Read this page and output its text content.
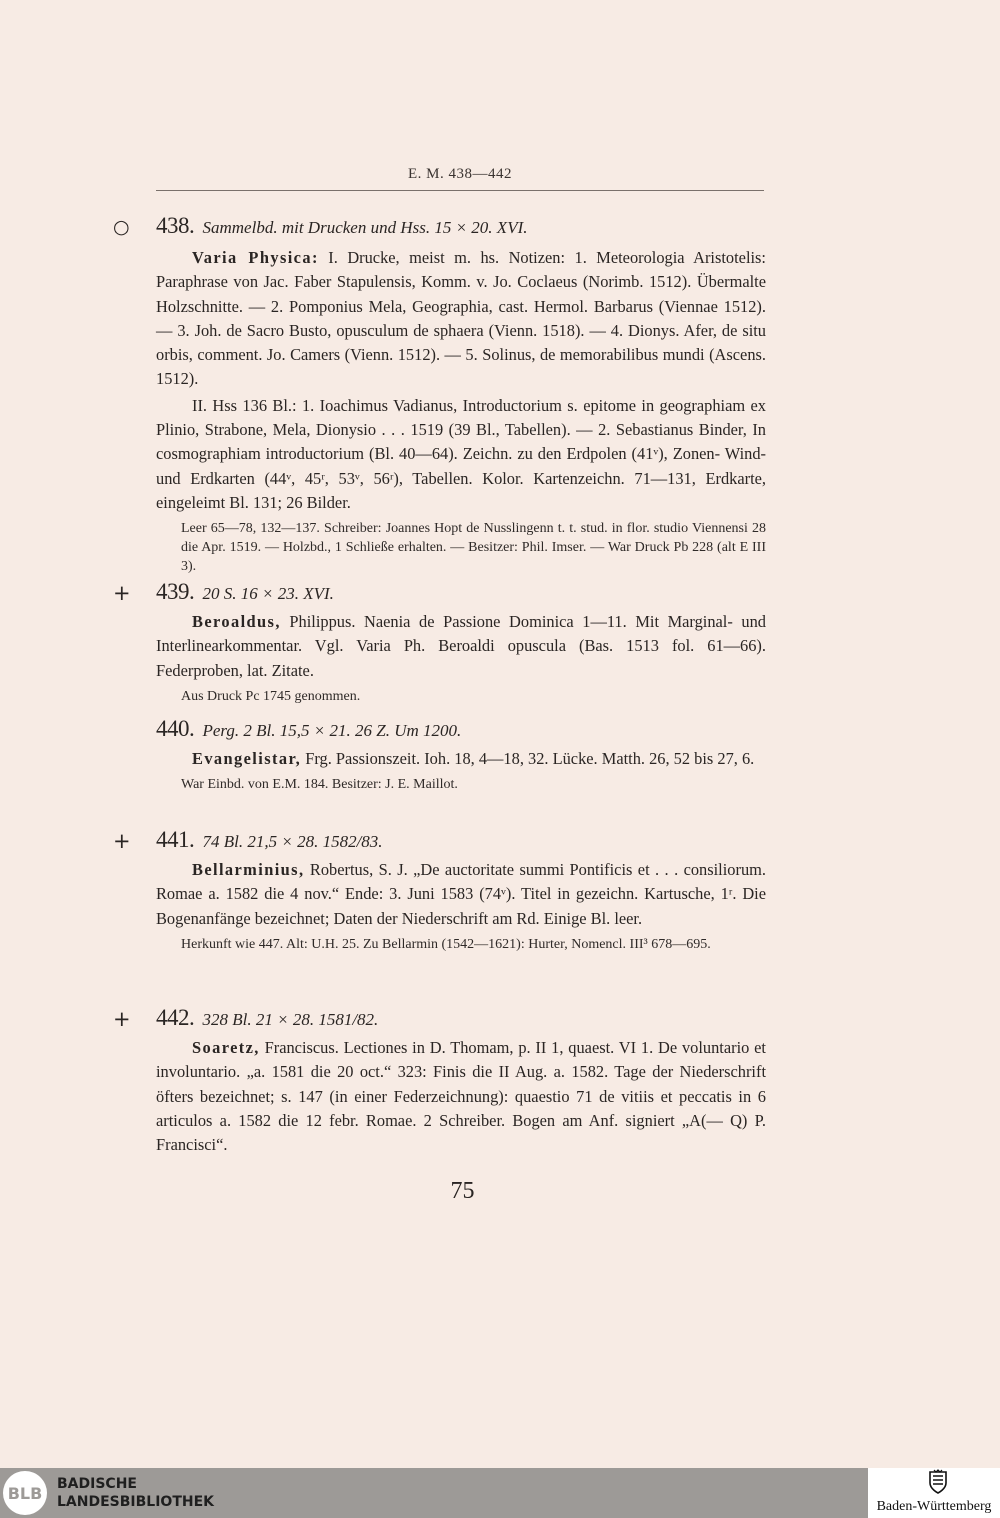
E. M. 438—442
○ 438. Sammelbd. mit Drucken und Hss. 15 × 20. XVI.
Varia Physica: I. Drucke, meist m. hs. Notizen: 1. Meteorologia Aristotelis: Paraphrase von Jac. Faber Stapulensis, Komm. v. Jo. Coclaeus (Norimb. 1512). Übermalte Holzschnitte. — 2. Pomponius Mela, Geographia, cast. Hermol. Barbarus (Viennae 1512). — 3. Joh. de Sacro Busto, opusculum de sphaera (Vienn. 1518). — 4. Dionys. Afer, de situ orbis, comment. Jo. Camers (Vienn. 1512). — 5. Solinus, de memorabilibus mundi (Ascens. 1512).
II. Hss 136 Bl.: 1. Ioachimus Vadianus, Introductorium s. epitome in geographiam ex Plinio, Strabone, Mela, Dionysio . . . 1519 (39 Bl., Tabellen). — 2. Sebastianus Binder, In cosmographiam introductorium (Bl. 40—64). Zeichn. zu den Erdpolen (41ᵛ), Zonen- Wind- und Erdkarten (44ᵛ, 45ʳ, 53ᵛ, 56ʳ), Tabellen. Kolor. Kartenzeichn. 71—131, Erdkarte, eingeleimt Bl. 131; 26 Bilder.
Leer 65—78, 132—137. Schreiber: Joannes Hopt de Nusslingenn t. t. stud. in flor. studio Viennensi 28 die Apr. 1519. — Holzbd., 1 Schließe erhalten. — Besitzer: Phil. Imser. — War Druck Pb 228 (alt E III 3).
+ 439. 20 S. 16 × 23. XVI.
Beroaldus, Philippus. Naenia de Passione Dominica 1—11. Mit Marginal- und Interlinearkommentar. Vgl. Varia Ph. Beroaldi opuscula (Bas. 1513 fol. 61—66). Federproben, lat. Zitate.
Aus Druck Pc 1745 genommen.
440. Perg. 2 Bl. 15,5 × 21. 26 Z. Um 1200.
Evangelistar, Frg. Passionszeit. Ioh. 18, 4—18, 32. Lücke. Matth. 26, 52 bis 27, 6.
War Einbd. von E.M. 184. Besitzer: J. E. Maillot.
+ 441. 74 Bl. 21,5 × 28. 1582/83.
Bellarminius, Robertus, S. J. „De auctoritate summi Pontificis et . . . consiliorum. Romae a. 1582 die 4 nov.“ Ende: 3. Juni 1583 (74ᵛ). Titel in gezeichn. Kartusche, 1ʳ. Die Bogenanfänge bezeichnet; Daten der Niederschrift am Rd. Einige Bl. leer.
Herkunft wie 447. Alt: U.H. 25. Zu Bellarmin (1542—1621): Hurter, Nomencl. III³ 678—695.
+ 442. 328 Bl. 21 × 28. 1581/82.
Soaretz, Franciscus. Lectiones in D. Thomam, p. II 1, quaest. VI 1. De voluntario et involuntario. „a. 1581 die 20 oct.“ 323: Finis die II Aug. a. 1582. Tage der Niederschrift öfters bezeichnet; s. 147 (in einer Federzeichnung): quaestio 71 de vitiis et peccatis in 6 articulos a. 1582 die 12 febr. Romae. 2 Schreiber. Bogen am Anf. signiert „A(— Q) P. Francisci“.
75
BLB	BADISCHE
LANDESBIBLIOTHEK	Baden-Württemberg
